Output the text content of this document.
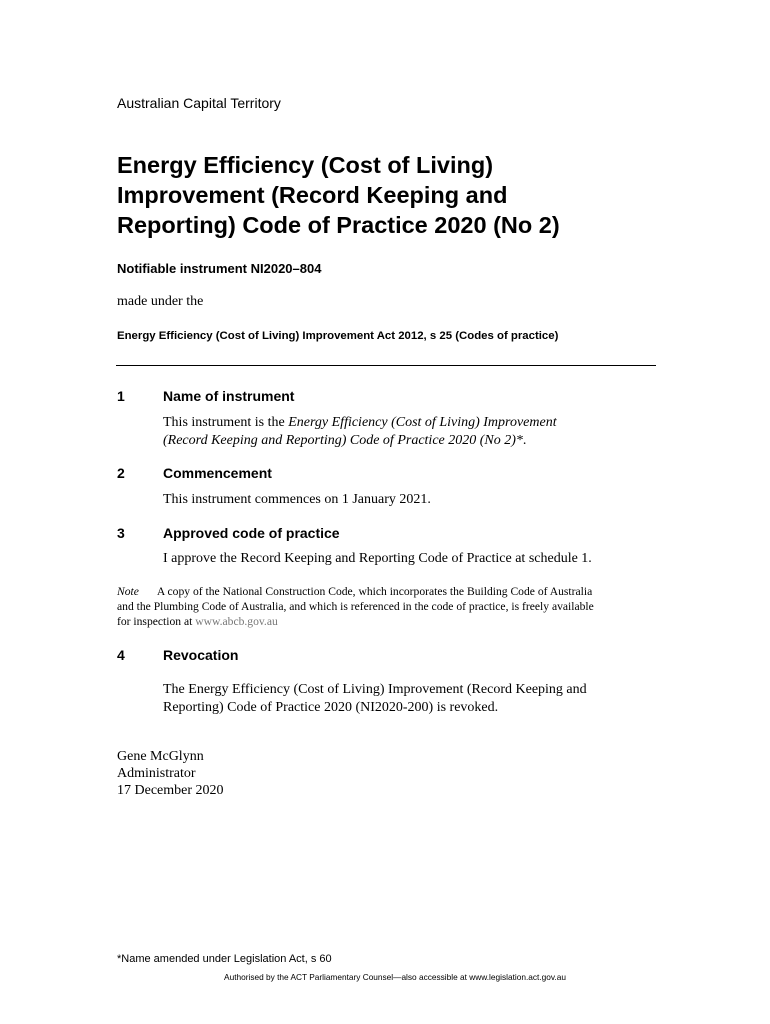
Australian Capital Territory
Energy Efficiency (Cost of Living)
Improvement (Record Keeping and
Reporting) Code of Practice 2020 (No 2)
Notifiable instrument NI2020–804
made under the
Energy Efficiency (Cost of Living) Improvement Act 2012, s 25 (Codes of practice)
1	Name of instrument
This instrument is the Energy Efficiency (Cost of Living) Improvement
(Record Keeping and Reporting) Code of Practice 2020 (No 2)*.
2	Commencement
This instrument commences on 1 January 2021.
3	Approved code of practice
I approve the Record Keeping and Reporting Code of Practice at schedule 1.
Note A copy of the National Construction Code, which incorporates the Building Code of Australia
and the Plumbing Code of Australia, and which is referenced in the code of practice, is freely available
for inspection at www.abcb.gov.au
4	Revocation
The Energy Efficiency (Cost of Living) Improvement (Record Keeping and
Reporting) Code of Practice 2020 (NI2020-200) is revoked.
Gene McGlynn
Administrator
17 December 2020
*Name amended under Legislation Act, s 60
Authorised by the ACT Parliamentary Counsel—also accessible at www.legislation.act.gov.au
